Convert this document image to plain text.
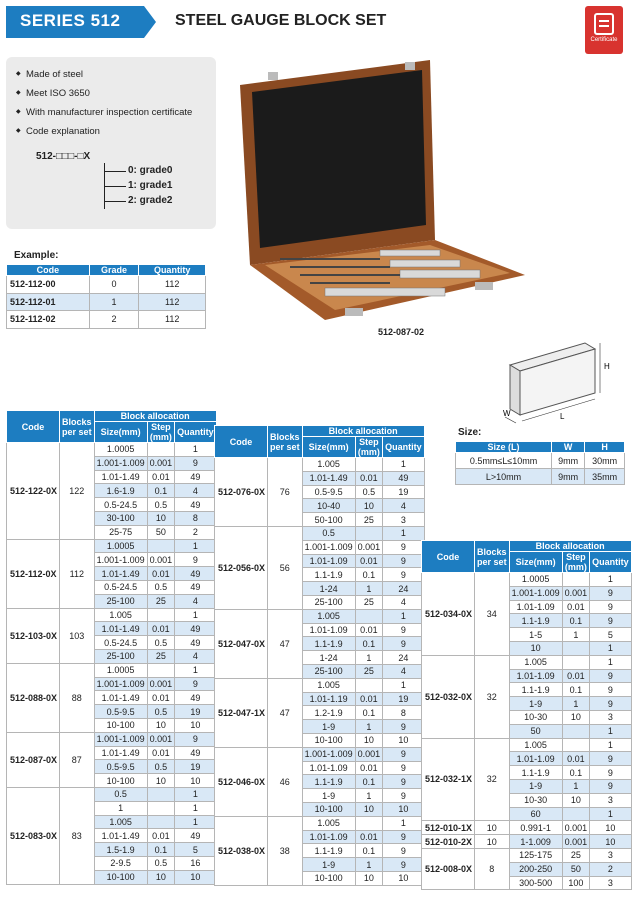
SERIES 512	STEEL GAUGE BLOCK SET
Certificate
◆ Made of steel
◆ Meet ISO 3650
◆ With manufacturer inspection certificate
◆ Code explanation
512-□□□-□X
0: grade0
1: grade1
2: grade2
512-087-02
Example:
Code	Grade	Quantity
512-112-00	0	112
512-112-01	1	112
512-112-02	2	112
H
W	L
Size:
Size (L)	W	H
0.5mm≤L≤10mm	9mm	30mm
L>10mm	9mm	35mm
Code	Blocks per set	Block allocation		
		Size(mm)	Step (mm)	Quantity
512-122-0X	122	1.0005		1
		1.001-1.009	0.001	9
		1.01-1.49	0.01	49
		1.6-1.9	0.1	4
		0.5-24.5	0.5	49
		30-100	10	8
		25-75	50	2
512-112-0X	112	1.0005		1
		1.001-1.009	0.001	9
		1.01-1.49	0.01	49
		0.5-24.5	0.5	49
		25-100	25	4
512-103-0X	103	1.005		1
		1.01-1.49	0.01	49
		0.5-24.5	0.5	49
		25-100	25	4
512-088-0X	88	1.0005		1
		1.001-1.009	0.001	9
		1.01-1.49	0.01	49
		0.5-9.5	0.5	19
		10-100	10	10
512-087-0X	87	1.001-1.009	0.001	9
		1.01-1.49	0.01	49
		0.5-9.5	0.5	19
		10-100	10	10
512-083-0X	83	0.5		1
		1		1
		1.005		1
		1.01-1.49	0.01	49
		1.5-1.9	0.1	5
		2-9.5	0.5	16
		10-100	10	10
Code	Blocks per set	Block allocation		
		Size(mm)	Step (mm)	Quantity
512-076-0X	76	1.005		1
		1.01-1.49	0.01	49
		0.5-9.5	0.5	19
		10-40	10	4
		50-100	25	3
512-056-0X	56	0.5		1
		1.001-1.009	0.001	9
		1.01-1.09	0.01	9
		1.1-1.9	0.1	9
		1-24	1	24
		25-100	25	4
512-047-0X	47	1.005		1
		1.01-1.09	0.01	9
		1.1-1.9	0.1	9
		1-24	1	24
		25-100	25	4
512-047-1X	47	1.005		1
		1.01-1.19	0.01	19
		1.2-1.9	0.1	8
		1-9	1	9
		10-100	10	10
512-046-0X	46	1.001-1.009	0.001	9
		1.01-1.09	0.01	9
		1.1-1.9	0.1	9
		1-9	1	9
		10-100	10	10
512-038-0X	38	1.005		1
		1.01-1.09	0.01	9
		1.1-1.9	0.1	9
		1-9	1	9
		10-100	10	10
Code	Blocks per set	Block allocation		
		Size(mm)	Step (mm)	Quantity
512-034-0X	34	1.0005		1
		1.001-1.009	0.001	9
		1.01-1.09	0.01	9
		1.1-1.9	0.1	9
		1-5	1	5
		10		1
512-032-0X	32	1.005		1
		1.01-1.09	0.01	9
		1.1-1.9	0.1	9
		1-9	1	9
		10-30	10	3
		50		1
512-032-1X	32	1.005		1
		1.01-1.09	0.01	9
		1.1-1.9	0.1	9
		1-9	1	9
		10-30	10	3
		60		1
512-010-1X	10	0.991-1	0.001	10
512-010-2X	10	1-1.009	0.001	10
512-008-0X	8	125-175	25	3
		200-250	50	2
		300-500	100	3
